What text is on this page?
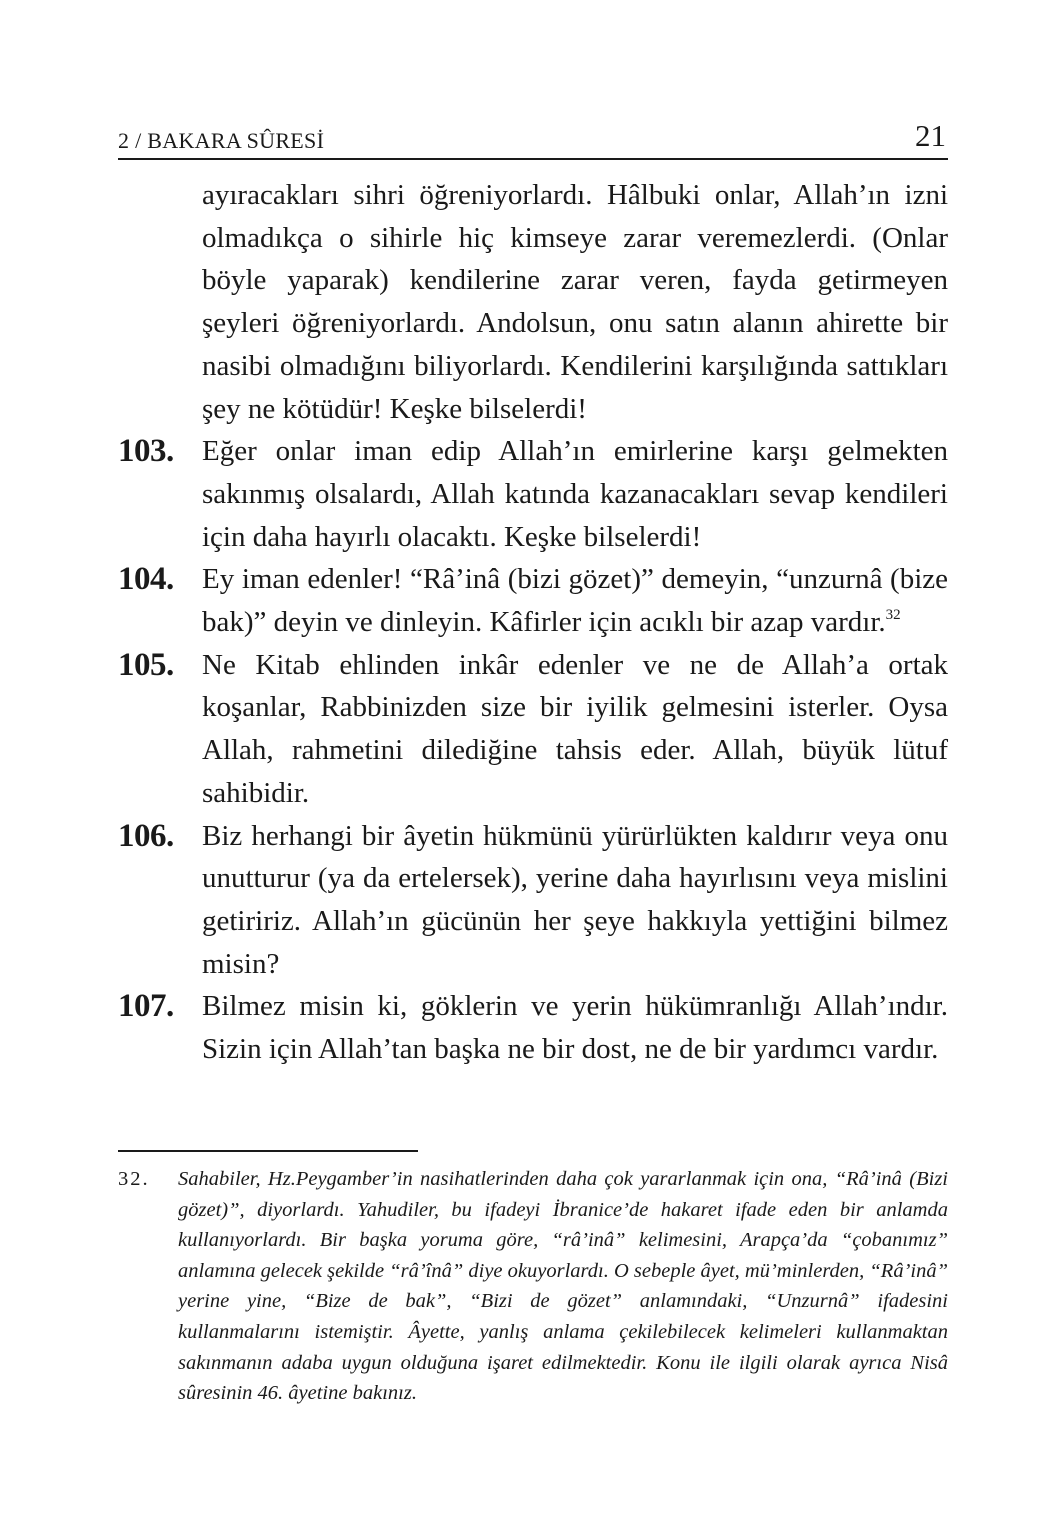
2 / BAKARA SÛRESİ	21
ayıracakları sihri öğreniyorlardı. Hâlbuki onlar, Allah’ın izni olmadıkça o sihirle hiç kimseye zarar veremezlerdi. (Onlar böyle yaparak) kendilerine zarar veren, fayda getirmeyen şeyleri öğreniyorlardı. Andolsun, onu satın alanın ahirette bir nasibi olmadığını biliyorlardı. Kendilerini karşılığında sattıkları şey ne kötüdür! Keşke bilselerdi!
103. Eğer onlar iman edip Allah’ın emirlerine karşı gelmekten sakınmış olsalardı, Allah katında kazanacakları sevap kendileri için daha hayırlı olacaktı. Keşke bilselerdi!
104. Ey iman edenler! “Râ’inâ (bizi gözet)” demeyin, “unzurnâ (bize bak)” deyin ve dinleyin. Kâfirler için acıklı bir azap vardır.$^{32}$
105. Ne Kitab ehlinden inkâr edenler ve ne de Allah’a ortak koşanlar, Rabbinizden size bir iyilik gelmesini isterler. Oysa Allah, rahmetini dilediğine tahsis eder. Allah, büyük lütuf sahibidir.
106. Biz herhangi bir âyetin hükmünü yürürlükten kaldırır veya onu unutturur (ya da ertelersek), yerine daha hayırlısını veya mislini getiririz. Allah’ın gücünün her şeye hakkıyla yettiğini bilmez misin?
107. Bilmez misin ki, göklerin ve yerin hükümranlığı Allah’ındır. Sizin için Allah’tan başka ne bir dost, ne de bir yardımcı vardır.
32.	Sahabiler, Hz.Peygamber’in nasihatlerinden daha çok yararlanmak için ona, “Râ’inâ (Bizi gözet)”, diyorlardı. Yahudiler, bu ifadeyi İbranice’de hakaret ifade eden bir anlamda kullanıyorlardı. Bir başka yoruma göre, “râ’inâ” kelimesini, Arapça’da “çobanımız” anlamına gelecek şekilde “râ’înâ” diye okuyorlardı. O sebeple âyet, mü’minlerden, “Râ’inâ” yerine yine, “Bize de bak”, “Bizi de gözet” anlamındaki, “Unzurnâ” ifadesini kullanmalarını istemiştir. Âyette, yanlış anlama çekilebilecek kelimeleri kullanmaktan sakınmanın adaba uygun olduğuna işaret edilmektedir. Konu ile ilgili olarak ayrıca Nisâ sûresinin 46. âyetine bakınız.
